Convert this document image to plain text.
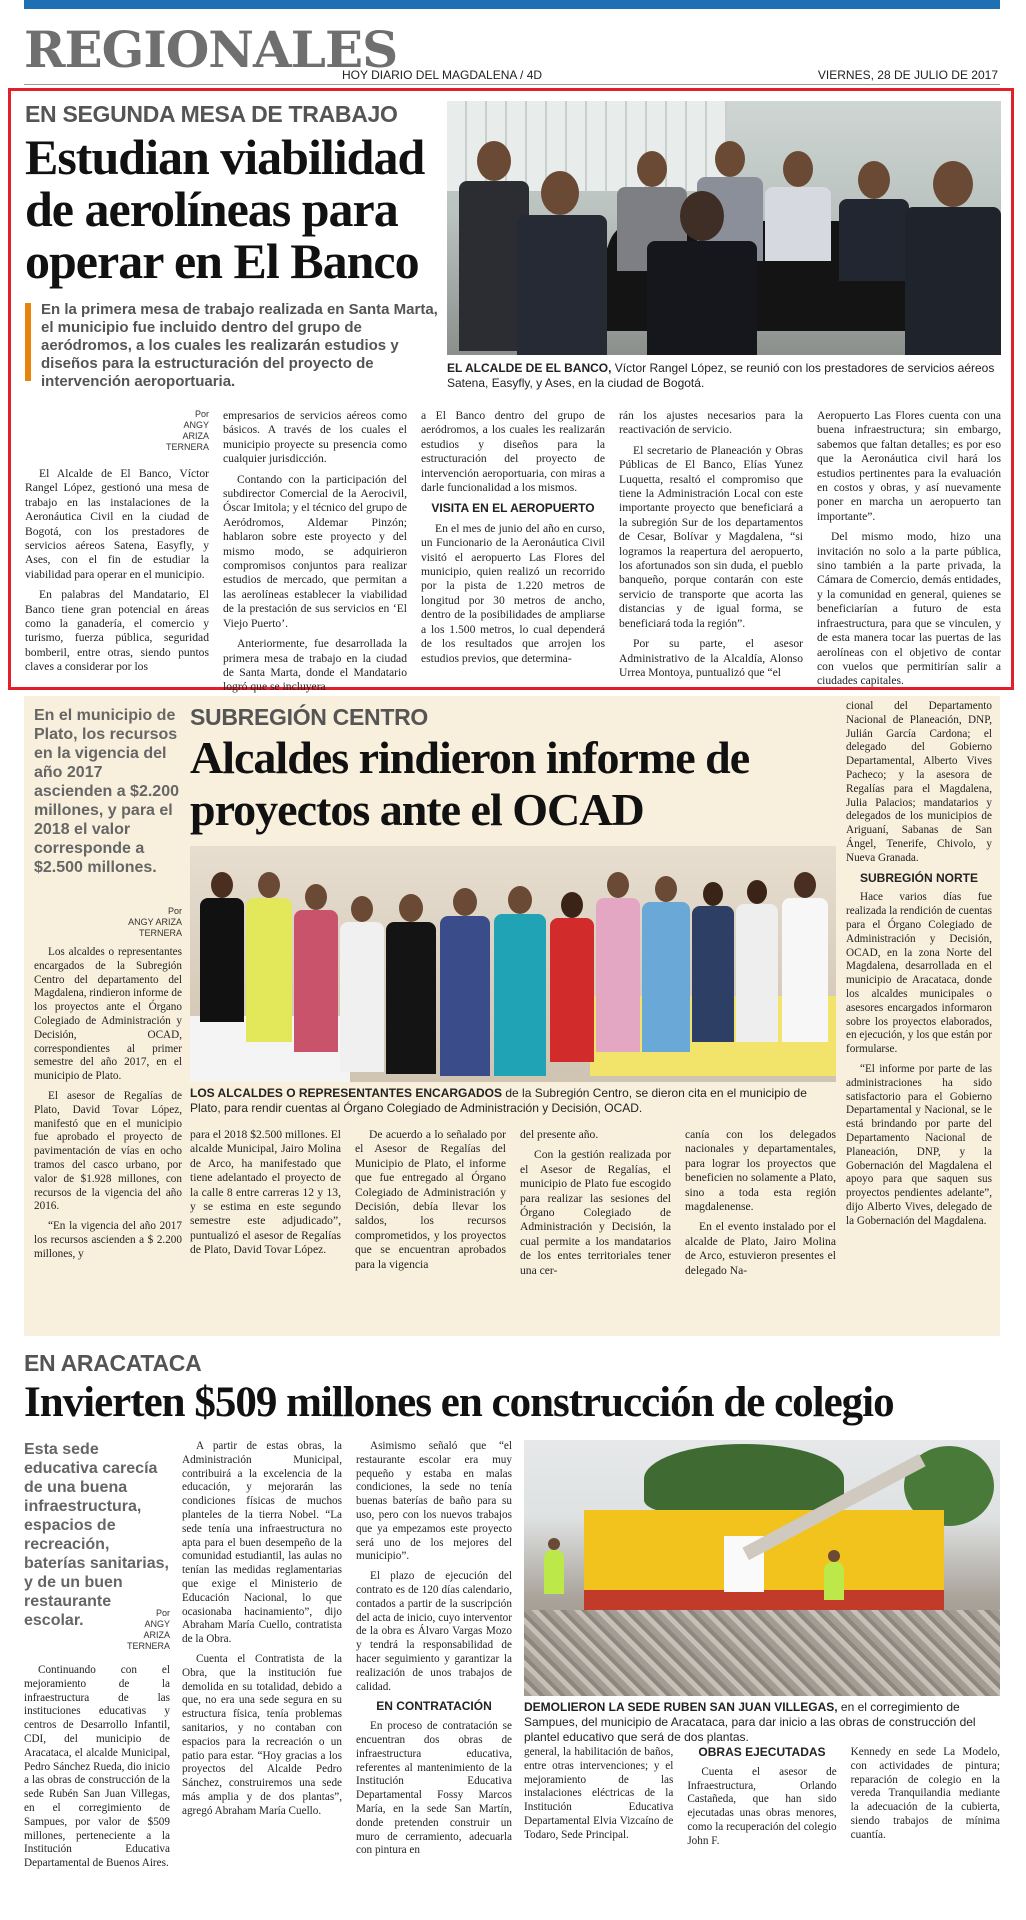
REGIONALES
HOY DIARIO DEL MAGDALENA / 4D	VIERNES, 28 DE JULIO DE 2017
EN SEGUNDA MESA DE TRABAJO
Estudian viabilidad de aerolíneas para operar en El Banco
En la primera mesa de trabajo realizada en Santa Marta, el municipio fue incluido dentro del grupo de aeródromos, a los cuales les realizarán estudios y diseños para la estructuración del proyecto de intervención aeroportuaria.
EL ALCALDE DE EL BANCO, Víctor Rangel López, se reunió con los prestadores de servicios aéreos Satena, Easyfly, y Ases, en la ciudad de Bogotá.
Por
ANGY
ARIZA
TERNERA

El Alcalde de El Banco, Víctor Rangel López, gestionó una mesa de trabajo en las instalaciones de la Aeronáutica Civil en la ciudad de Bogotá, con los prestadores de servicios aéreos Satena, Easyfly, y Ases, con el fin de estudiar la viabilidad para operar en el municipio.

En palabras del Mandatario, El Banco tiene gran potencial en áreas como la ganadería, el comercio y turismo, fuerza pública, seguridad bomberil, entre otras, siendo puntos claves a considerar por los

empresarios de servicios aéreos como básicos. A través de los cuales el municipio proyecte su presencia como cualquier jurisdicción.

Contando con la participación del subdirector Comercial de la Aerocivil, Óscar Imitola; y el técnico del grupo de Aeródromos, Aldemar Pinzón; hablaron sobre este proyecto y del mismo modo, se adquirieron compromisos conjuntos para realizar estudios de mercado, que permitan a las aerolíneas establecer la viabilidad de la prestación de sus servicios en ‘El Viejo Puerto’.

Anteriormente, fue desarrollada la primera mesa de trabajo en la ciudad de Santa Marta, donde el Mandatario logró que se incluyera

a El Banco dentro del grupo de aeródromos, a los cuales les realizarán estudios y diseños para la estructuración del proyecto de intervención aeroportuaria, con miras a darle funcionalidad a los mismos.

VISITA EN EL AEROPUERTO

En el mes de junio del año en curso, un Funcionario de la Aeronáutica Civil visitó el aeropuerto Las Flores del municipio, quien realizó un recorrido por la pista de 1.220 metros de longitud por 30 metros de ancho, dentro de la posibilidades de ampliarse a los 1.500 metros, lo cual dependerá de los resultados que arrojen los estudios previos, que determina-

rán los ajustes necesarios para la reactivación de servicio.

El secretario de Planeación y Obras Públicas de El Banco, Elías Yunez Luquetta, resaltó el compromiso que tiene la Administración Local con este importante proyecto que beneficiará a la subregión Sur de los departamentos de Cesar, Bolívar y Magdalena, “si logramos la reapertura del aeropuerto, los afortunados son sin duda, el pueblo banqueño, porque contarán con este servicio de transporte que acorta las distancias y de igual forma, se beneficiará toda la región”.

Por su parte, el asesor Administrativo de la Alcaldía, Alonso Urrea Montoya, puntualizó que “el

Aeropuerto Las Flores cuenta con una buena infraestructura; sin embargo, sabemos que faltan detalles; es por eso que la Aeronáutica civil hará los estudios pertinentes para la evaluación en costos y obras, y así nuevamente poner en marcha un aeropuerto tan importante”.

Del mismo modo, hizo una invitación no solo a la parte pública, sino también a la parte privada, la Cámara de Comercio, demás entidades, y la comunidad en general, quienes se beneficiarían a futuro de esta infraestructura, para que se vinculen, y de esta manera tocar las puertas de las aerolíneas con el objetivo de contar con vuelos que permitirían salir a ciudades capitales.

En el municipio de Plato, los recursos en la vigencia del año 2017 ascienden a $2.200 millones, y para el 2018 el valor corresponde a $2.500 millones.
Por
ANGY ARIZA
TERNERA
SUBREGIÓN CENTRO
Alcaldes rindieron informe de proyectos ante el OCAD
LOS ALCALDES O REPRESENTANTES ENCARGADOS de la Subregión Centro, se dieron cita en el municipio de Plato, para rendir cuentas al Órgano Colegiado de Administración y Decisión, OCAD.

Los alcaldes o representantes encargados de la Subregión Centro del departamento del Magdalena, rindieron informe de los proyectos ante el Órgano Colegiado de Administración y Decisión, OCAD, correspondientes al primer semestre del año 2017, en el municipio de Plato.

El asesor de Regalías de Plato, David Tovar López, manifestó que en el municipio fue aprobado el proyecto de pavimentación de vías en ocho tramos del casco urbano, por valor de $1.928 millones, con recursos de la vigencia del año 2016.

“En la vigencia del año 2017 los recursos ascienden a $ 2.200 millones, y

para el 2018 $2.500 millones. El alcalde Municipal, Jairo Molina de Arco, ha manifestado que tiene adelantado el proyecto de la calle 8 entre carreras 12 y 13, y se estima en este segundo semestre este adjudicado”, puntualizó el asesor de Regalías de Plato, David Tovar López.

De acuerdo a lo señalado por el Asesor de Regalías del Municipio de Plato, el informe que fue entregado al Órgano Colegiado de Administración y Decisión, debía llevar los saldos, los recursos comprometidos, y los proyectos que se encuentran aprobados para la vigencia

del presente año.

Con la gestión realizada por el Asesor de Regalías, el municipio de Plato fue escogido para realizar las sesiones del Órgano Colegiado de Administración y Decisión, la cual permite a los mandatarios de los entes territoriales tener una cer-

canía con los delegados nacionales y departamentales, para lograr los proyectos que beneficien no solamente a Plato, sino a toda esta región magdalenense.

En el evento instalado por el alcalde de Plato, Jairo Molina de Arco, estuvieron presentes el delegado Na-

cional del Departamento Nacional de Planeación, DNP, Julián García Cardona; el delegado del Gobierno Departamental, Alberto Vives Pacheco; y la asesora de Regalías para el Magdalena, Julia Palacios; mandatarios y delegados de los municipios de Ariguaní, Sabanas de San Ángel, Tenerife, Chivolo, y Nueva Granada.

SUBREGIÓN NORTE

Hace varios días fue realizada la rendición de cuentas para el Órgano Colegiado de Administración y Decisión, OCAD, en la zona Norte del Magdalena, desarrollada en el municipio de Aracataca, donde los alcaldes municipales o asesores encargados informaron sobre los proyectos elaborados, en ejecución, y los que están por formularse.

“El informe por parte de las administraciones ha sido satisfactorio para el Gobierno Departamental y Nacional, se le está brindando por parte del Departamento Nacional de Planeación, DNP, y la Gobernación del Magdalena el apoyo para que saquen sus proyectos pendientes adelante”, dijo Alberto Vives, delegado de la Gobernación del Magdalena.

EN ARACATACA
Invierten $509 millones en construcción de colegio
Esta sede educativa carecía de una buena infraestructura, espacios de recreación, baterías sanitarias, y de un buen restaurante escolar.	Por
ANGY
ARIZA
TERNERA

Continuando con el mejoramiento de la infraestructura de las instituciones educativas y centros de Desarrollo Infantil, CDI, del municipio de Aracataca, el alcalde Municipal, Pedro Sánchez Rueda, dio inicio a las obras de construcción de la sede Rubén San Juan Villegas, en el corregimiento de Sampues, por valor de $509 millones, perteneciente a la Institución Educativa Departamental de Buenos Aires.

A partir de estas obras, la Administración Municipal, contribuirá a la excelencia de la educación, y mejorarán las condiciones físicas de muchos planteles de la tierra Nobel. “La sede tenía una infraestructura no apta para el buen desempeño de la comunidad estudiantil, las aulas no tenían las medidas reglamentarias que exige el Ministerio de Educación Nacional, lo que ocasionaba hacinamiento”, dijo Abraham María Cuello, contratista de la Obra.

Cuenta el Contratista de la Obra, que la institución fue demolida en su totalidad, debido a que, no era una sede segura en su estructura física, tenía problemas sanitarios, y no contaban con espacios para la recreación o un patio para estar. “Hoy gracias a los proyectos del Alcalde Pedro Sánchez, construiremos una sede más amplia y de dos plantas”, agregó Abraham María Cuello.

Asimismo señaló que “el restaurante escolar era muy pequeño y estaba en malas condiciones, la sede no tenía buenas baterías de baño para su uso, pero con los nuevos trabajos que ya empezamos este proyecto será uno de los mejores del municipio”.

El plazo de ejecución del contrato es de 120 días calendario, contados a partir de la suscripción del acta de inicio, cuyo interventor de la obra es Álvaro Vargas Mozo y tendrá la responsabilidad de hacer seguimiento y garantizar la realización de unos trabajos de calidad.

EN CONTRATACIÓN

En proceso de contratación se encuentran dos obras de infraestructura educativa, referentes al mantenimiento de la Institución Educativa Departamental Fossy Marcos María, en la sede San Martín, donde pretenden construir un muro de cerramiento, adecuarla con pintura en

DEMOLIERON LA SEDE RUBEN SAN JUAN VILLEGAS, en el corregimiento de Sampues, del municipio de Aracataca, para dar inicio a las obras de construcción del plantel educativo que será de dos plantas.

general, la habilitación de baños, entre otras intervenciones; y el mejoramiento de las instalaciones eléctricas de la Institución Educativa Departamental Elvia Vizcaíno de Todaro, Sede Principal.

OBRAS EJECUTADAS

Cuenta el asesor de Infraestructura, Orlando Castañeda, que han sido ejecutadas unas obras menores, como la recuperación del colegio John F.

Kennedy en sede La Modelo, con actividades de pintura; reparación de colegio en la vereda Tranquilandia mediante la adecuación de la cubierta, siendo trabajos de mínima cuantía.
